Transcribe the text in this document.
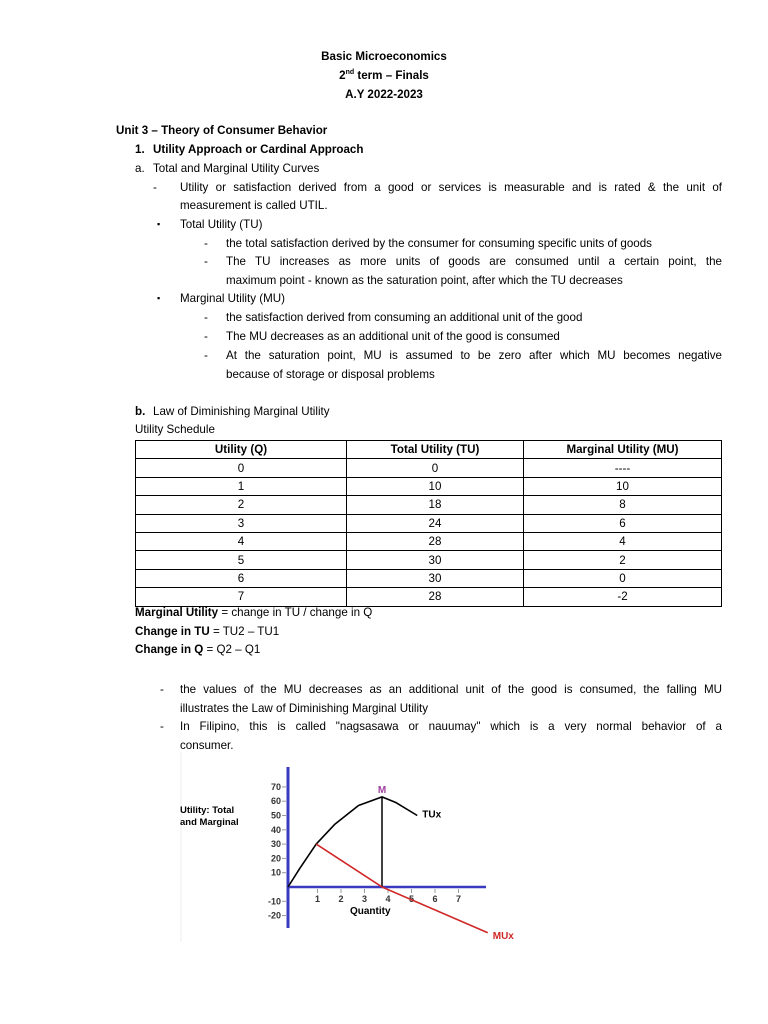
Basic Microeconomics
2nd term – Finals
A.Y 2022-2023
Unit 3 – Theory of Consumer Behavior
1. Utility Approach or Cardinal Approach
a. Total and Marginal Utility Curves
- Utility or satisfaction derived from a good or services is measurable and is rated & the unit of
measurement is called UTIL.
▪ Total Utility (TU)
- the total satisfaction derived by the consumer for consuming specific units of goods
- The TU increases as more units of goods are consumed until a certain point, the
maximum point - known as the saturation point, after which the TU decreases
▪ Marginal Utility (MU)
- the satisfaction derived from consuming an additional unit of the good
- The MU decreases as an additional unit of the good is consumed
- At the saturation point, MU is assumed to be zero after which MU becomes negative
because of storage or disposal problems
b. Law of Diminishing Marginal Utility
Utility Schedule
Utility (Q)	Total Utility (TU)	Marginal Utility (MU)
0	0	----
1	10	10
2	18	8
3	24	6
4	28	4
5	30	2
6	30	0
7	28	-2
Marginal Utility = change in TU / change in Q
Change in TU = TU2 – TU1
Change in Q = Q2 – Q1
- the values of the MU decreases as an additional unit of the good is consumed, the falling MU
illustrates the Law of Diminishing Marginal Utility
- In Filipino, this is called "nagsasawa or nauumay" which is a very normal behavior of a
consumer.
70
60
50
40
30
20
10
-10
-20
1 2 3 4 5 6 7
Utility: Total
and Marginal
Quantity
TUx
MUx
M
